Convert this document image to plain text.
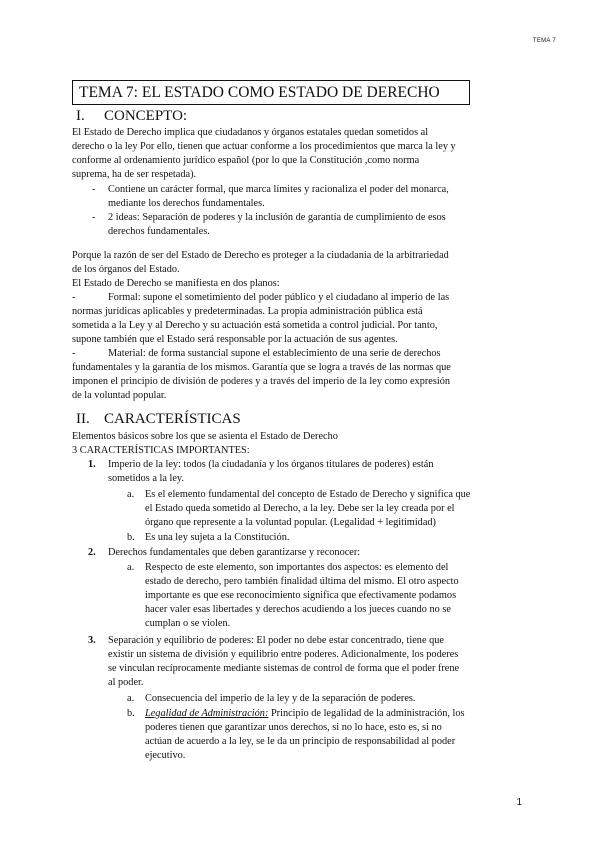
TEMA 7
TEMA 7: EL ESTADO COMO ESTADO DE DERECHO
I. CONCEPTO:
El Estado de Derecho implica que ciudadanos y órganos estatales quedan sometidos al
derecho o la ley Por ello, tienen que actuar conforme a los procedimientos que marca la ley y
conforme al ordenamiento jurídico español (por lo que la Constitución ,como norma
suprema, ha de ser respetada).
- Contiene un carácter formal, que marca límites y racionaliza el poder del monarca,
mediante los derechos fundamentales.
- 2 ideas: Separación de poderes y la inclusión de garantía de cumplimiento de esos
derechos fundamentales.
Porque la razón de ser del Estado de Derecho es proteger a la ciudadanía de la arbitrariedad
de los órganos del Estado.
El Estado de Derecho se manifiesta en dos planos:
-	Formal: supone el sometimiento del poder público y el ciudadano al imperio de las
normas jurídicas aplicables y predeterminadas. La propia administración pública está
sometida a la Ley y al Derecho y su actuación está sometida a control judicial. Por tanto,
supone también que el Estado será responsable por la actuación de sus agentes.
-	Material: de forma sustancial supone el establecimiento de una serie de derechos
fundamentales y la garantía de los mismos. Garantía que se logra a través de las normas que
imponen el principio de división de poderes y a través del imperio de la ley como expresión
de la voluntad popular.
II. CARACTERÍSTICAS
Elementos básicos sobre los que se asienta el Estado de Derecho
3 CARACTERÍSTICAS IMPORTANTES:
1. Imperio de la ley: todos (la ciudadanía y los órganos titulares de poderes) están
sometidos a la ley.
a. Es el elemento fundamental del concepto de Estado de Derecho y significa que
el Estado queda sometido al Derecho, a la ley. Debe ser la ley creada por el
órgano que represente a la voluntad popular. (Legalidad + legitimidad)
b. Es una ley sujeta a la Constitución.
2. Derechos fundamentales que deben garantizarse y reconocer:
a. Respecto de este elemento, son importantes dos aspectos: es elemento del
estado de derecho, pero también finalidad última del mismo. El otro aspecto
importante es que ese reconocimiento significa que efectivamente podamos
hacer valer esas libertades y derechos acudiendo a los jueces cuando no se
cumplan o se violen.
3. Separación y equilibrio de poderes: El poder no debe estar concentrado, tiene que
existir un sistema de división y equilibrio entre poderes. Adicionalmente, los poderes
se vinculan recíprocamente mediante sistemas de control de forma que el poder frene
al poder.
a. Consecuencia del imperio de la ley y de la separación de poderes.
b. Legalidad de Administración: Principio de legalidad de la administración, los
poderes tienen que garantizar unos derechos, si no lo hace, esto es, si no
actúan de acuerdo a la ley, se le da un principio de responsabilidad al poder
ejecutivo.
1
